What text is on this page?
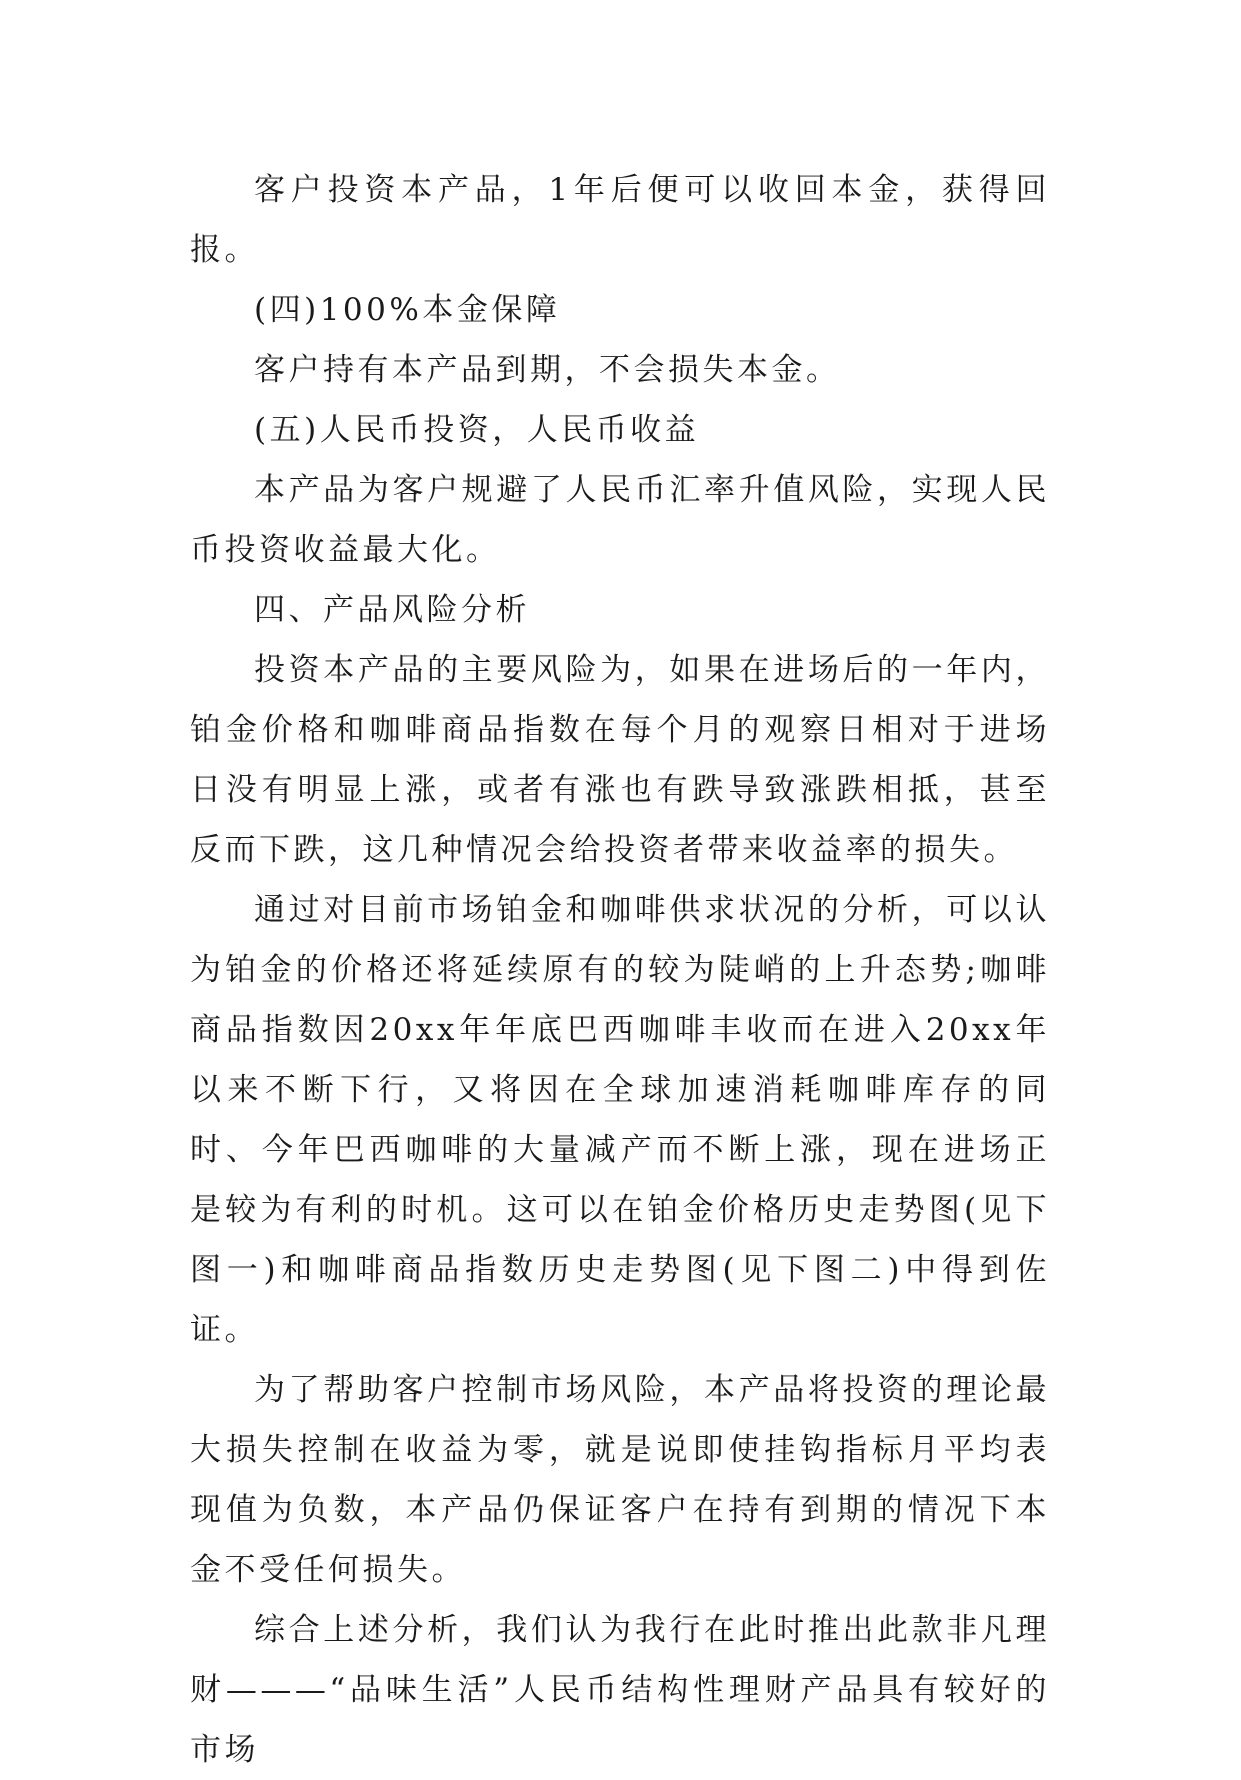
客户投资本产品，1年后便可以收回本金，获得回报。

(四)100%本金保障

客户持有本产品到期，不会损失本金。

(五)人民币投资，人民币收益

本产品为客户规避了人民币汇率升值风险，实现人民币投资收益最大化。

四、产品风险分析

投资本产品的主要风险为，如果在进场后的一年内，铂金价格和咖啡商品指数在每个月的观察日相对于进场日没有明显上涨，或者有涨也有跌导致涨跌相抵，甚至反而下跌，这几种情况会给投资者带来收益率的损失。

通过对目前市场铂金和咖啡供求状况的分析，可以认为铂金的价格还将延续原有的较为陡峭的上升态势;咖啡商品指数因20xx年年底巴西咖啡丰收而在进入20xx年以来不断下行，又将因在全球加速消耗咖啡库存的同时、今年巴西咖啡的大量减产而不断上涨，现在进场正是较为有利的时机。这可以在铂金价格历史走势图(见下图一)和咖啡商品指数历史走势图(见下图二)中得到佐证。

为了帮助客户控制市场风险，本产品将投资的理论最大损失控制在收益为零，就是说即使挂钩指标月平均表现值为负数，本产品仍保证客户在持有到期的情况下本金不受任何损失。

综合上述分析，我们认为我行在此时推出此款非凡理财———“品味生活”人民币结构性理财产品具有较好的市场
